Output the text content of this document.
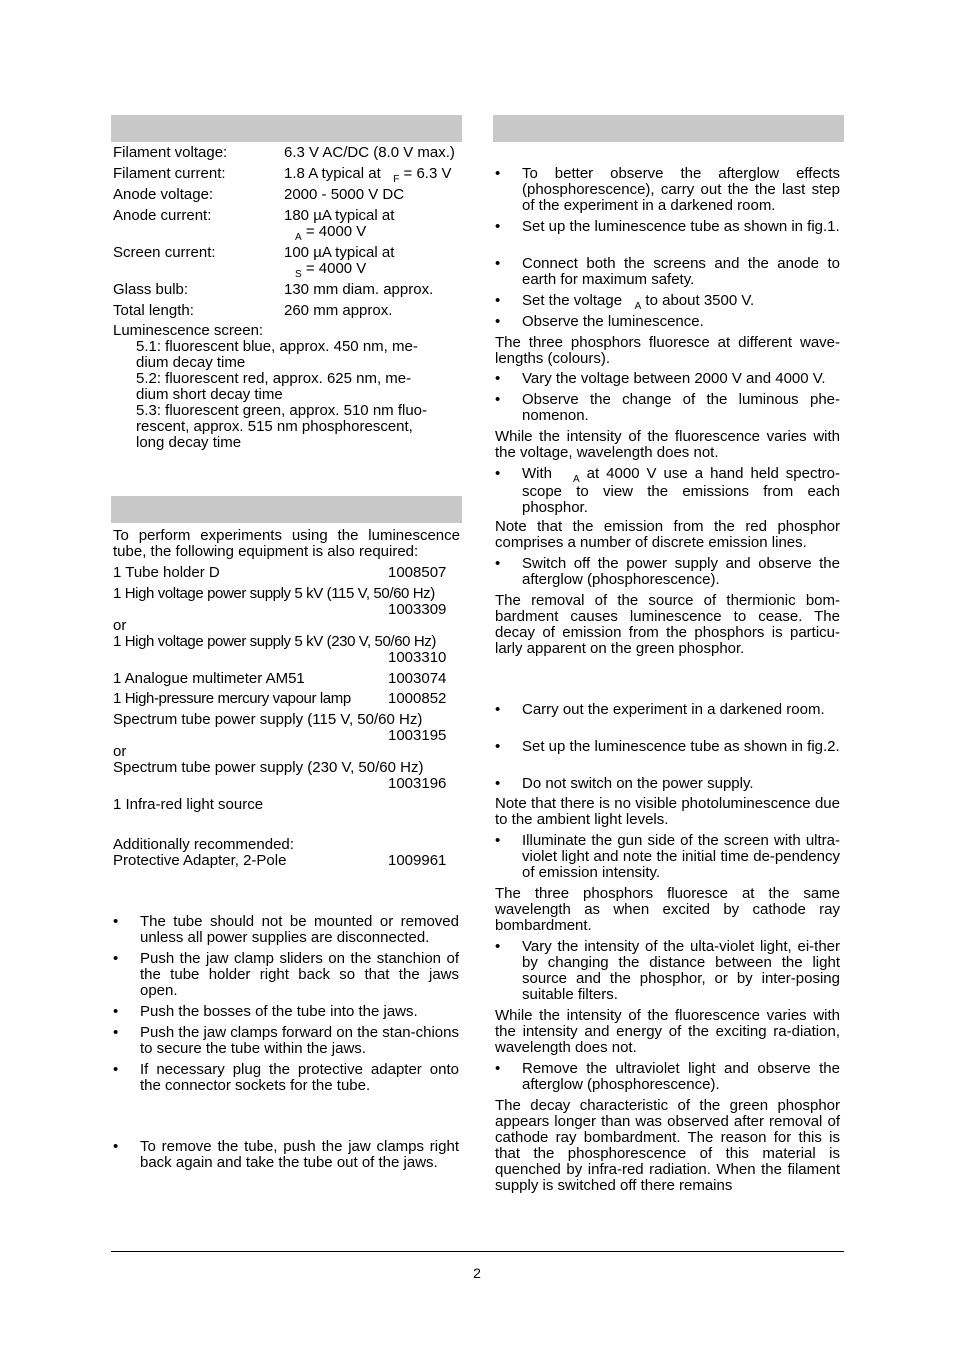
Filament voltage:	6.3 V AC/DC (8.0 V max.)
Filament current:	1.8 A typical at $_F$ = 6.3 V
Anode voltage:	2000 - 5000 V DC
Anode current:	180 µA typical at
$_A$ = 4000 V
Screen current:	100 µA typical at
$_S$ = 4000 V
Glass bulb:	130 mm diam. approx.
Total length:	260 mm approx.
Luminescence screen:
5.1: fluorescent blue, approx. 450 nm, me-
dium decay time
5.2: fluorescent red, approx. 625 nm, me-
dium short decay time
5.3: fluorescent green, approx. 510 nm fluo-
rescent, approx. 515 nm phosphorescent,
long decay time
To perform experiments using the luminescence tube, the following equipment is also required:
1 Tube holder D	1008507
1 High voltage power supply 5 kV (115 V, 50/60 Hz)
1003309
or
1 High voltage power supply 5 kV (230 V, 50/60 Hz)
1003310
1 Analogue multimeter AM51	1003074
1 High-pressure mercury vapour lamp 1000852
Spectrum tube power supply (115 V, 50/60 Hz)
1003195
or
Spectrum tube power supply (230 V, 50/60 Hz)
1003196
1 Infra-red light source
Additionally recommended:
Protective Adapter, 2-Pole	1009961
• The tube should not be mounted or removed unless all power supplies are disconnected.
• Push the jaw clamp sliders on the stanchion of the tube holder right back so that the jaws open.
• Push the bosses of the tube into the jaws.
• Push the jaw clamps forward on the stan-chions to secure the tube within the jaws.
• If necessary plug the protective adapter onto the connector sockets for the tube.
• To remove the tube, push the jaw clamps right back again and take the tube out of the jaws.
• To better observe the afterglow effects (phosphorescence), carry out the the last step of the experiment in a darkened room.
• Set up the luminescence tube as shown in fig.1.
• Connect both the screens and the anode to earth for maximum safety.
• Set the voltage $_A$ to about 3500 V.
• Observe the luminescence.
The three phosphors fluoresce at different wave-lengths (colours).
• Vary the voltage between 2000 V and 4000 V.
• Observe the change of the luminous phe-nomenon.
While the intensity of the fluorescence varies with the voltage, wavelength does not.
• With $_A$ at 4000 V use a hand held spectro-scope to view the emissions from each phosphor.
Note that the emission from the red phosphor comprises a number of discrete emission lines.
• Switch off the power supply and observe the afterglow (phosphorescence).
The removal of the source of thermionic bom-bardment causes luminescence to cease. The decay of emission from the phosphors is particu-larly apparent on the green phosphor.
• Carry out the experiment in a darkened room.
• Set up the luminescence tube as shown in fig.2.
• Do not switch on the power supply.
Note that there is no visible photoluminescence due to the ambient light levels.
• Illuminate the gun side of the screen with ultra-violet light and note the initial time de-pendency of emission intensity.
The three phosphors fluoresce at the same wavelength as when excited by cathode ray bombardment.
• Vary the intensity of the ulta-violet light, ei-ther by changing the distance between the light source and the phosphor, or by inter-posing suitable filters.
While the intensity of the fluorescence varies with the intensity and energy of the exciting ra-diation, wavelength does not.
• Remove the ultraviolet light and observe the afterglow (phosphorescence).
The decay characteristic of the green phosphor appears longer than was observed after removal of cathode ray bombardment. The reason for this is that the phosphorescence of this material is quenched by infra-red radiation. When the filament supply is switched off there remains
2
